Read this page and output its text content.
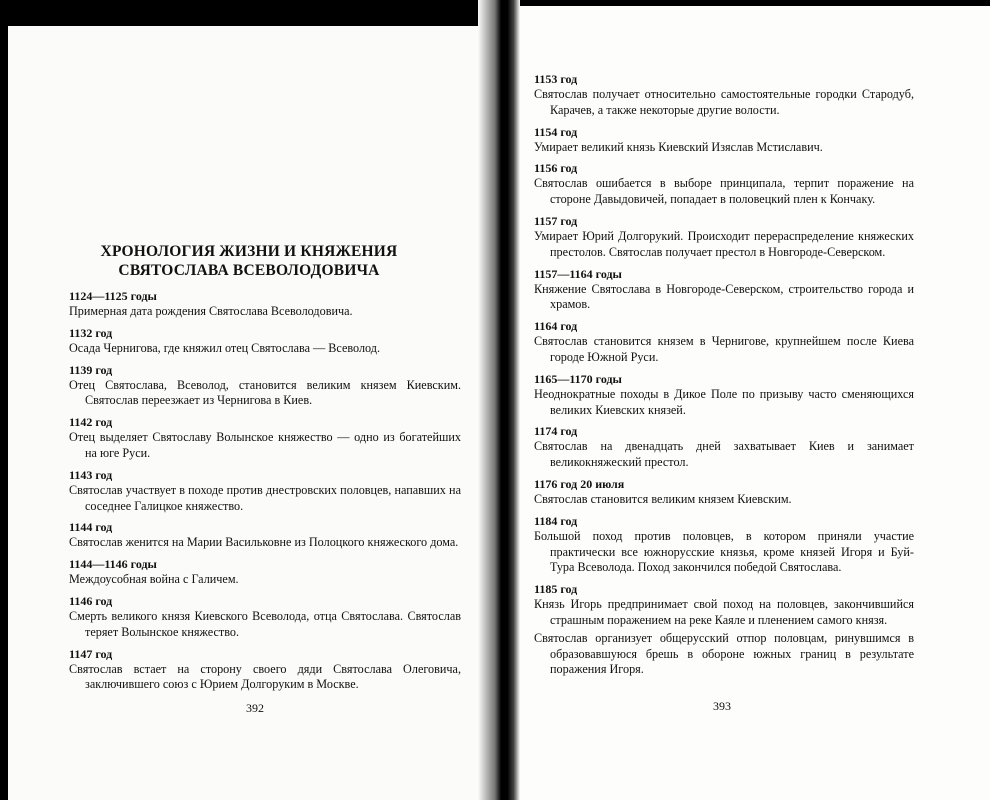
ХРОНОЛОГИЯ ЖИЗНИ И КНЯЖЕНИЯ
СВЯТОСЛАВА ВСЕВОЛОДОВИЧА
1124—1125 годы
Примерная дата рождения Святослава Всеволодовича.
1132 год
Осада Чернигова, где княжил отец Святослава — Всеволод.
1139 год
Отец Святослава, Всеволод, становится великим князем Киевским. Святослав переезжает из Чернигова в Киев.
1142 год
Отец выделяет Святославу Волынское княжество — одно из богатейших на юге Руси.
1143 год
Святослав участвует в походе против днестровских половцев, напавших на соседнее Галицкое княжество.
1144 год
Святослав женится на Марии Васильковне из Полоцкого княжеского дома.
1144—1146 годы
Междоусобная война с Галичем.
1146 год
Смерть великого князя Киевского Всеволода, отца Святослава. Святослав теряет Волынское княжество.
1147 год
Святослав встает на сторону своего дяди Святослава Олеговича, заключившего союз с Юрием Долгоруким в Москве.
392
1153 год
Святослав получает относительно самостоятельные городки Стародуб, Карачев, а также некоторые другие волости.
1154 год
Умирает великий князь Киевский Изяслав Мстиславич.
1156 год
Святослав ошибается в выборе принципала, терпит поражение на стороне Давыдовичей, попадает в половецкий плен к Кончаку.
1157 год
Умирает Юрий Долгорукий. Происходит перераспределение княжеских престолов. Святослав получает престол в Новгороде-Северском.
1157—1164 годы
Княжение Святослава в Новгороде-Северском, строительство города и храмов.
1164 год
Святослав становится князем в Чернигове, крупнейшем после Киева городе Южной Руси.
1165—1170 годы
Неоднократные походы в Дикое Поле по призыву часто сменяющихся великих Киевских князей.
1174 год
Святослав на двенадцать дней захватывает Киев и занимает великокняжеский престол.
1176 год 20 июля
Святослав становится великим князем Киевским.
1184 год
Большой поход против половцев, в котором приняли участие практически все южнорусские князья, кроме князей Игоря и Буй-Тура Всеволода. Поход закончился победой Святослава.
1185 год
Князь Игорь предпринимает свой поход на половцев, закончившийся страшным поражением на реке Каяле и пленением самого князя.
Святослав организует общерусский отпор половцам, ринувшимся в образовавшуюся брешь в обороне южных границ в результате поражения Игоря.
393
